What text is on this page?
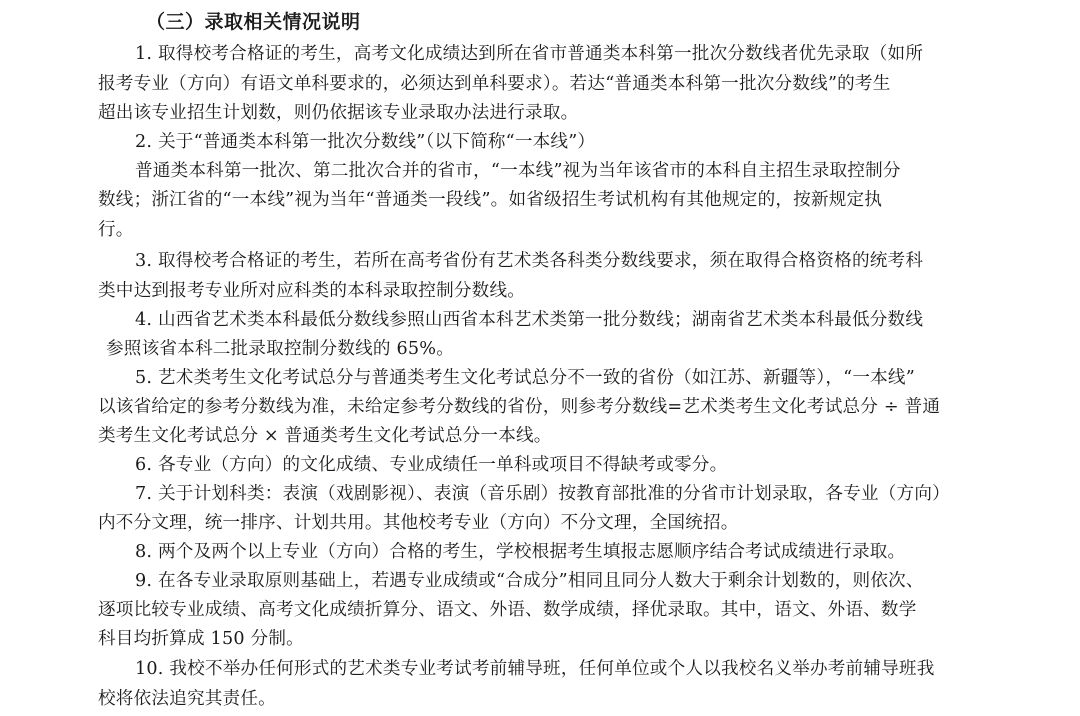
（三）录取相关情况说明
1. 取得校考合格证的考生，高考文化成绩达到所在省市普通类本科第一批次分数线者优先录取（如所
报考专业（方向）有语文单科要求的，必须达到单科要求）。若达“普通类本科第一批次分数线”的考生
超出该专业招生计划数，则仍依据该专业录取办法进行录取。
2. 关于“普通类本科第一批次分数线”（以下简称“一本线”）
普通类本科第一批次、第二批次合并的省市，“一本线”视为当年该省市的本科自主招生录取控制分
数线；浙江省的“一本线”视为当年“普通类一段线”。如省级招生考试机构有其他规定的，按新规定执
行。
3. 取得校考合格证的考生，若所在高考省份有艺术类各科类分数线要求，须在取得合格资格的统考科
类中达到报考专业所对应科类的本科录取控制分数线。
4. 山西省艺术类本科最低分数线参照山西省本科艺术类第一批分数线；湖南省艺术类本科最低分数线
参照该省本科二批录取控制分数线的 65%。
5. 艺术类考生文化考试总分与普通类考生文化考试总分不一致的省份（如江苏、新疆等），“一本线”
以该省给定的参考分数线为准，未给定参考分数线的省份，则参考分数线=艺术类考生文化考试总分 ÷ 普通
类考生文化考试总分 × 普通类考生文化考试总分一本线。
6. 各专业（方向）的文化成绩、专业成绩任一单科或项目不得缺考或零分。
7. 关于计划科类：表演（戏剧影视）、表演（音乐剧）按教育部批准的分省市计划录取，各专业（方向）
内不分文理，统一排序、计划共用。其他校考专业（方向）不分文理，全国统招。
8. 两个及两个以上专业（方向）合格的考生，学校根据考生填报志愿顺序结合考试成绩进行录取。
9. 在各专业录取原则基础上，若遇专业成绩或“合成分”相同且同分人数大于剩余计划数的，则依次、
逐项比较专业成绩、高考文化成绩折算分、语文、外语、数学成绩，择优录取。其中，语文、外语、数学
科目均折算成 150 分制。
10. 我校不举办任何形式的艺术类专业考试考前辅导班，任何单位或个人以我校名义举办考前辅导班我
校将依法追究其责任。
